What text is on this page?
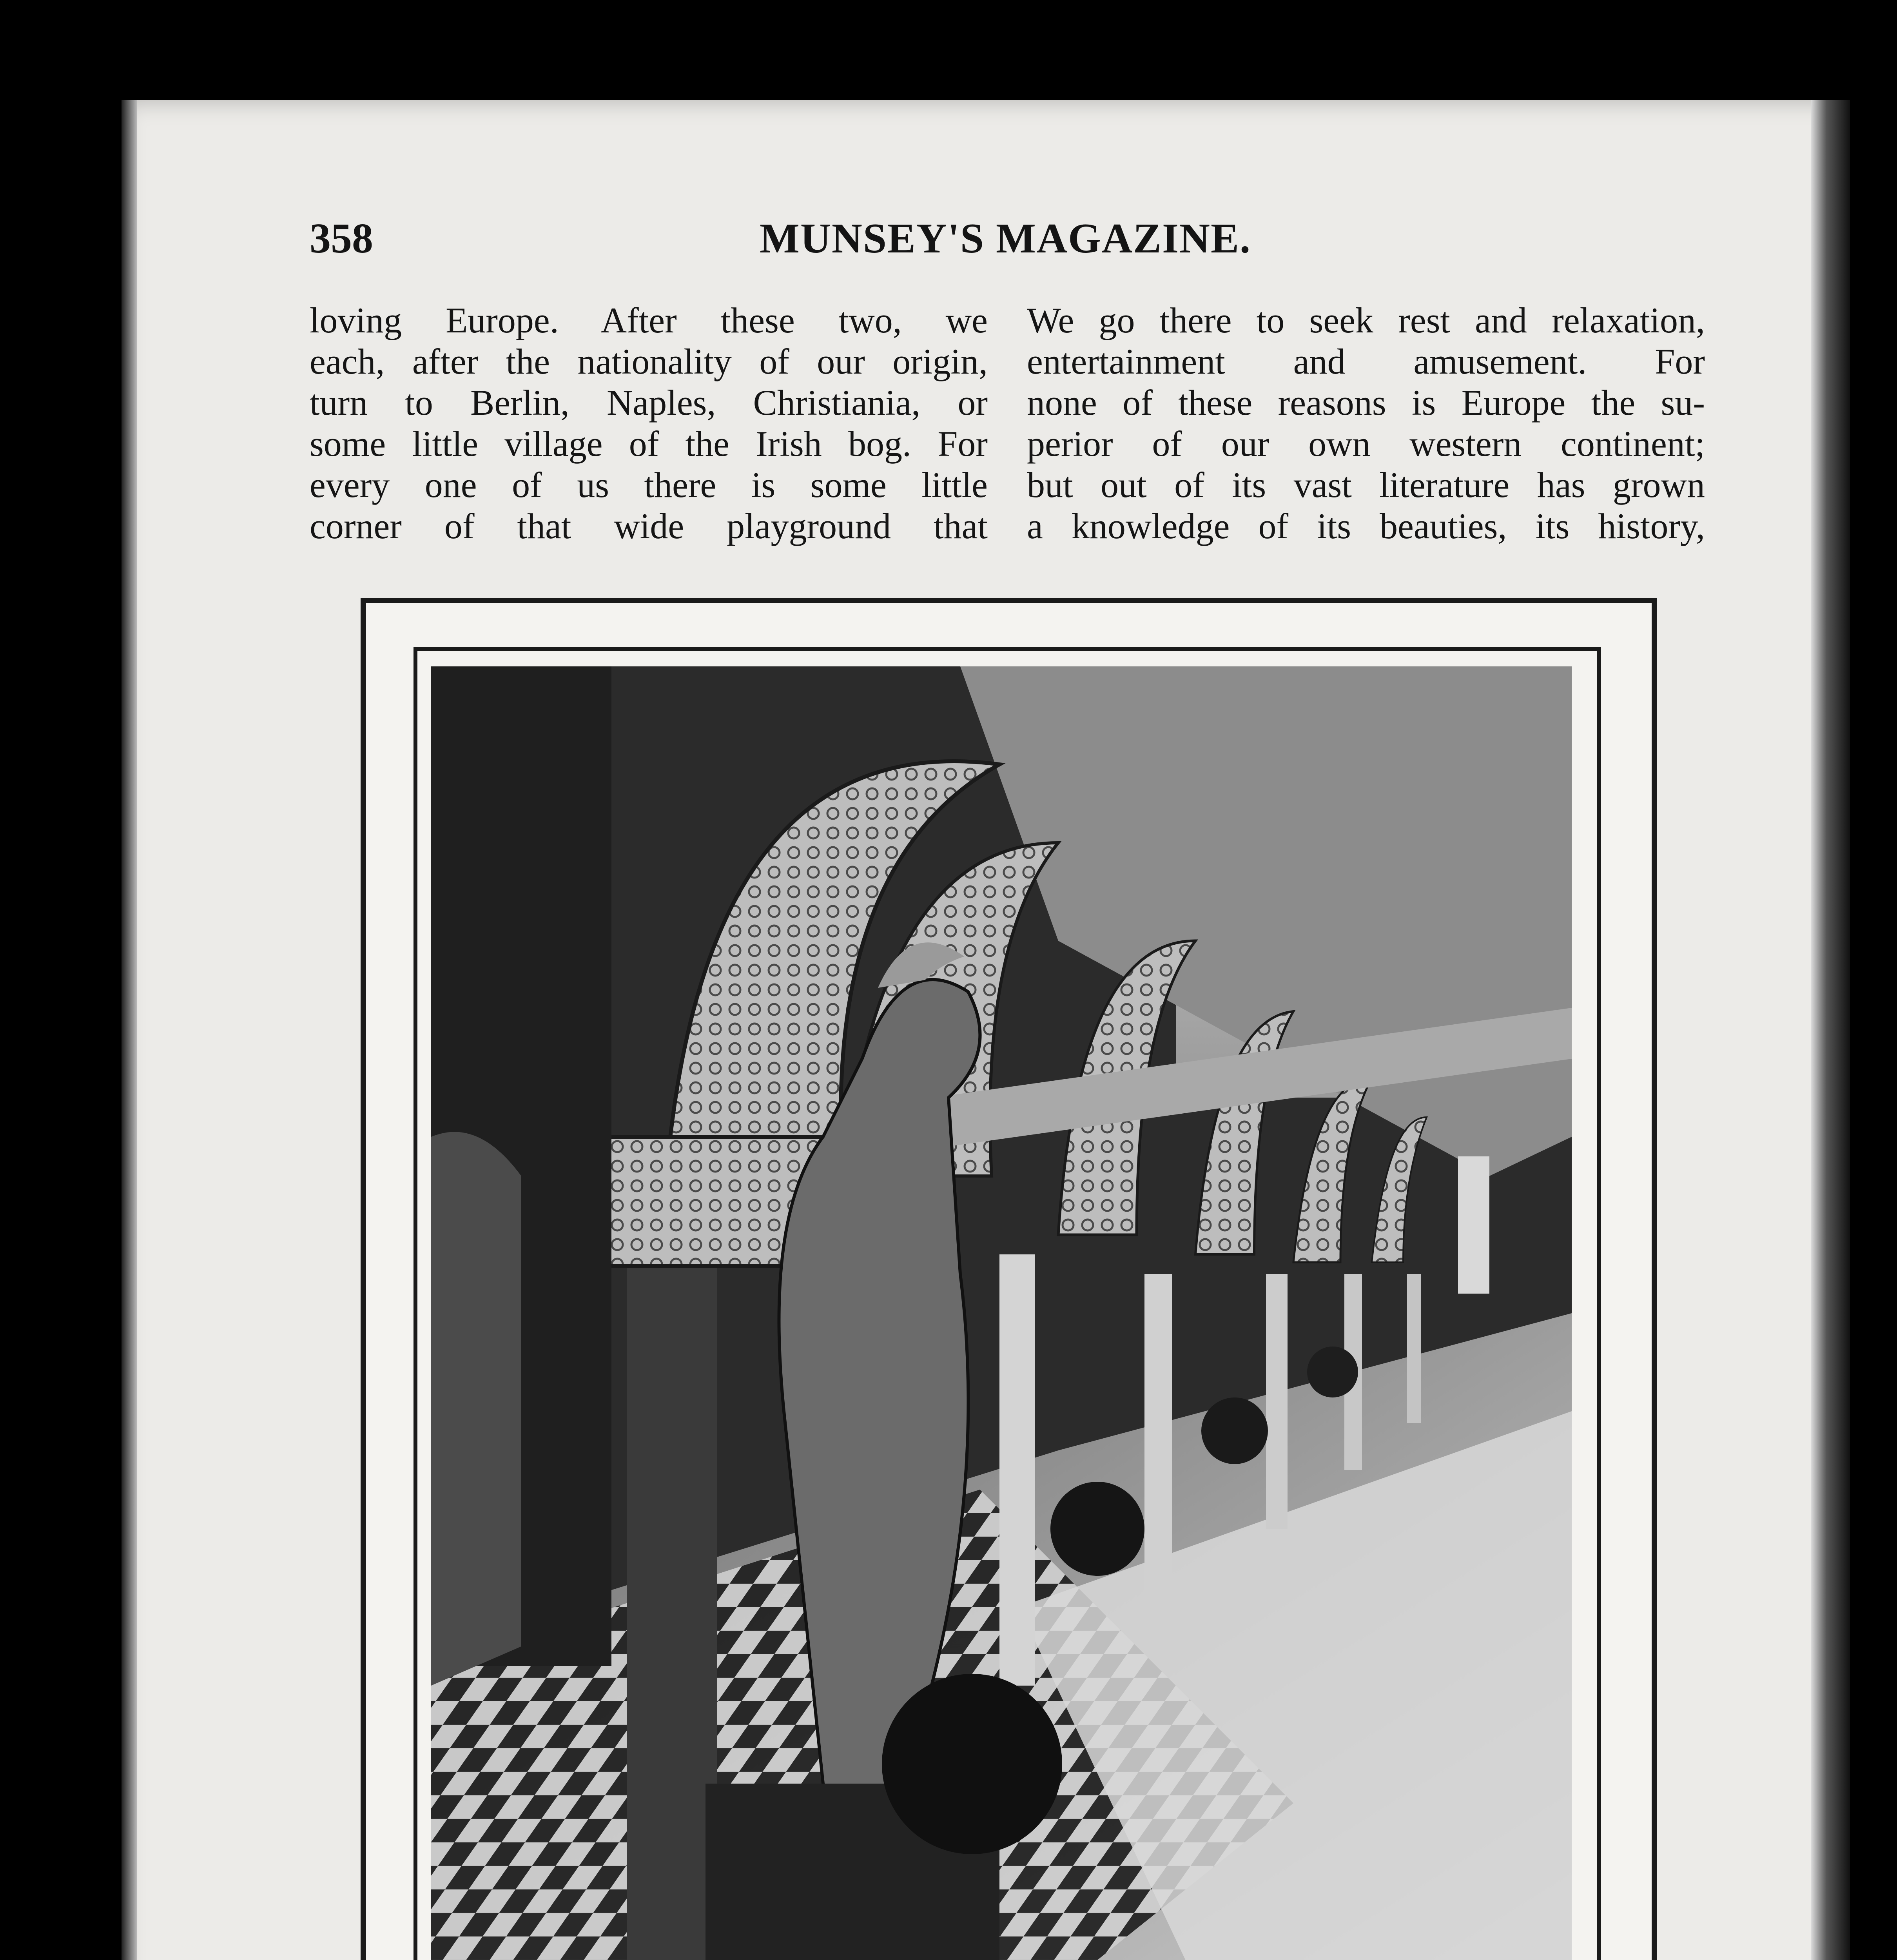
358	MUNSEY'S MAGAZINE.

loving Europe. After these two, we

each, after the nationality of our origin,

turn to Berlin, Naples, Christiania, or

some little village of the Irish bog. For

every one of us there is some little

corner of that wide playground that

We go there to seek rest and relaxation,

entertainment and amusement. For

none of these reasons is Europe the su-

perior of our own western continent;

but out of its vast literature has grown

a knowledge of its beauties, its history,
